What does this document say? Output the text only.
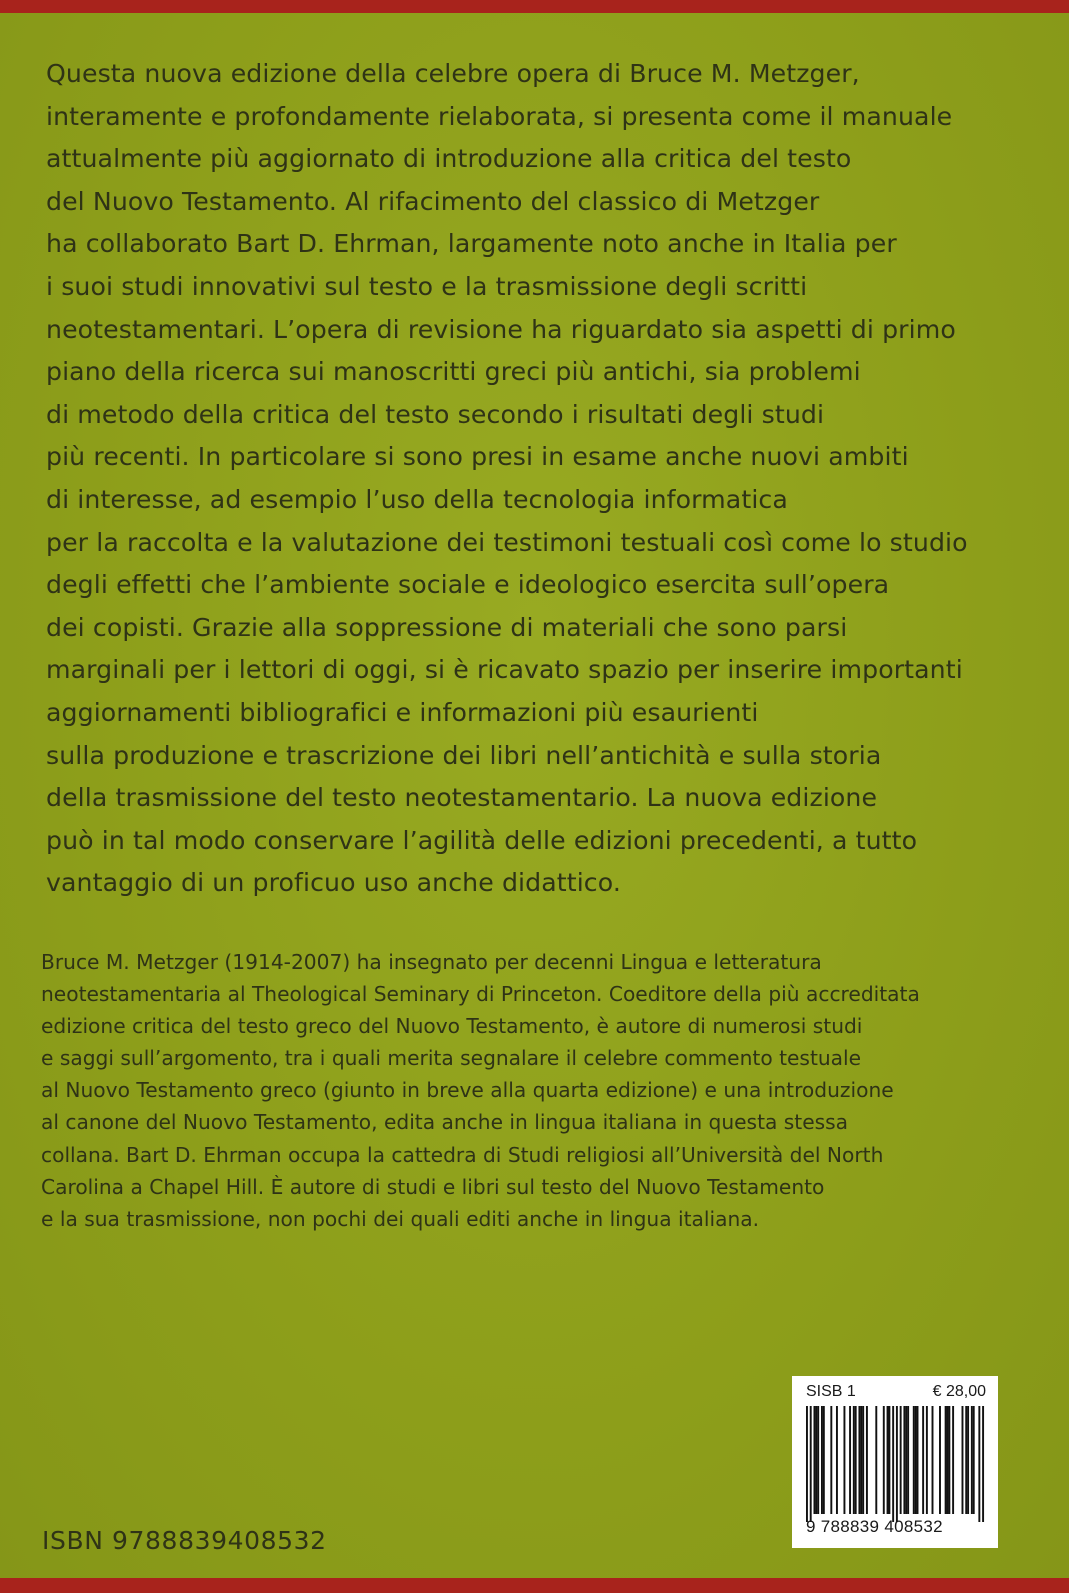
Questa nuova edizione della celebre opera di Bruce M. Metzger,
interamente e profondamente rielaborata, si presenta come il manuale
attualmente più aggiornato di introduzione alla critica del testo
del Nuovo Testamento. Al rifacimento del classico di Metzger
ha collaborato Bart D. Ehrman, largamente noto anche in Italia per
i suoi studi innovativi sul testo e la trasmissione degli scritti
neotestamentari. L’opera di revisione ha riguardato sia aspetti di primo
piano della ricerca sui manoscritti greci più antichi, sia problemi
di metodo della critica del testo secondo i risultati degli studi
più recenti. In particolare si sono presi in esame anche nuovi ambiti
di interesse, ad esempio l’uso della tecnologia informatica
per la raccolta e la valutazione dei testimoni testuali così come lo studio
degli effetti che l’ambiente sociale e ideologico esercita sull’opera
dei copisti. Grazie alla soppressione di materiali che sono parsi
marginali per i lettori di oggi, si è ricavato spazio per inserire importanti
aggiornamenti bibliografici e informazioni più esaurienti
sulla produzione e trascrizione dei libri nell’antichità e sulla storia
della trasmissione del testo neotestamentario. La nuova edizione
può in tal modo conservare l’agilità delle edizioni precedenti, a tutto
vantaggio di un proficuo uso anche didattico.
Bruce M. Metzger (1914-2007) ha insegnato per decenni Lingua e letteratura
neotestamentaria al Theological Seminary di Princeton. Coeditore della più accreditata
edizione critica del testo greco del Nuovo Testamento, è autore di numerosi studi
e saggi sull’argomento, tra i quali merita segnalare il celebre commento testuale
al Nuovo Testamento greco (giunto in breve alla quarta edizione) e una introduzione
al canone del Nuovo Testamento, edita anche in lingua italiana in questa stessa
collana. Bart D. Ehrman occupa la cattedra di Studi religiosi all’Università del North
Carolina a Chapel Hill. È autore di studi e libri sul testo del Nuovo Testamento
e la sua trasmissione, non pochi dei quali editi anche in lingua italiana.
ISBN 9788839408532
SISB 1	€ 28,00
9 788839 408532
